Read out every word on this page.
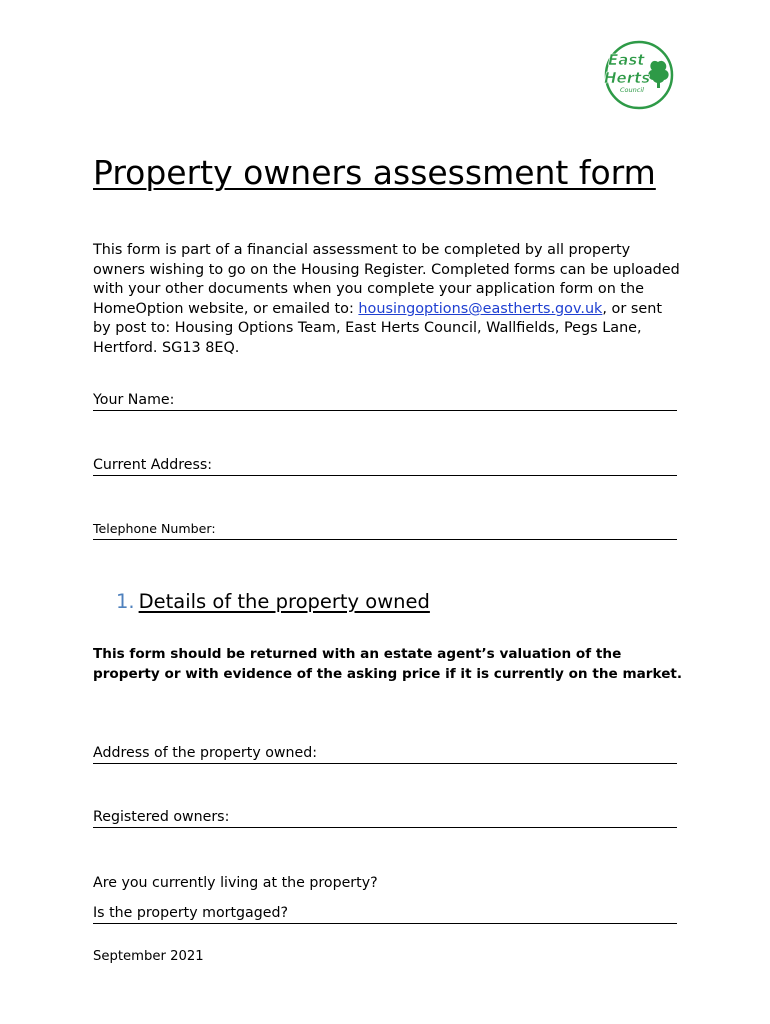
East
Herts
Council
Property owners assessment form

This form is part of a financial assessment to be completed by all property owners wishing to go on the Housing Register. Completed forms can be uploaded with your other documents when you complete your application form on the HomeOption website, or emailed to: housingoptions@eastherts.gov.uk, or sent by post to: Housing Options Team, East Herts Council, Wallfields, Pegs Lane, Hertford. SG13 8EQ.

Your Name:
Current Address:
Telephone Number:
1. Details of the property owned

This form should be returned with an estate agent’s valuation of the property or with evidence of the asking price if it is currently on the market.

Address of the property owned:
Registered owners:
Are you currently living at the property?
Is the property mortgaged?
September 2021
